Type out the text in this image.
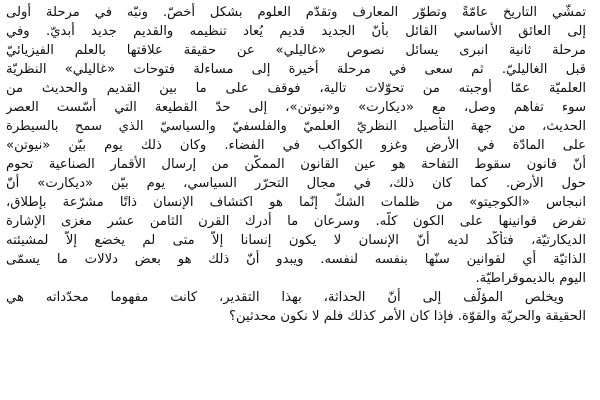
تمشّي التاريخ عامّةً وتطوّر المعارف وتقدّم العلوم بشكل أخصّ. ونبّه في مرحلة أولى
إلى العائق الأساسي القائل بأنّ الجديد قديم يُعاد تنظيمه والقديم جديد أبديّ. وفي
مرحلة ثانية انبرى يسائل نصوص «غاليلي» عن حقيقة علاقتها بالعلم الفيزيائيّ
قبل الغاليليّ. ثم سعى في مرحلة أخيرة إلى مساءلة فتوحات «غاليلي» النظريّة
العلميّة عمّا أوجبته من تحوّلات تالية، فوقف على ما بين القديم والحديث من
سوء تفاهم وصل، مع «ديكارت» و«نيوتن»، إلى حدّ القطيعة التي أسّست العصر
الحديث، من جهة التأصيل النظريّ العلميّ والفلسفيّ والسياسيّ الذي سمح بالسيطرة
على المادّة في الأرض وغزو الكواكب في الفضاء. وكان ذلك يوم بيّن «نيوتن»
أنّ قانون سقوط التفاحة هو عين القانون الممكّن من إرسال الأقمار الصناعية تحوم
حول الأرض. كما كان ذلك، في مجال التحرّر السياسي، يوم بيّن «ديكارت» أنّ
انبجاس «الكوجيتو» من ظلمات الشكّ إنّما هو اكتشاف الإنسان ذاتًا مشرّعة بإطلاق،
تفرض قوانينها على الكون كلّه. وسرعان ما أدرك القرن الثامن عشر مغزى الإشارة
الديكارتيّة، فتأكّد لديه أنّ الإنسان لا يكون إنسانا إلاّ متى لم يخضع إلاّ لمشيئته
الذاتيّة أي لقوانين سنّها بنفسه لنفسه. ويبدو أنّ ذلك هو بعض دلالات ما يسمّى
اليوم بالديموقراطيّة.
ويخلص المؤلّف إلى أنّ الحداثة، بهذا التقدير، كانت مفهوما محدّداته هي
الحقيقة والحريّة والقوّة. فإذا كان الأمر كذلك فلم لا نكون محدثين؟
